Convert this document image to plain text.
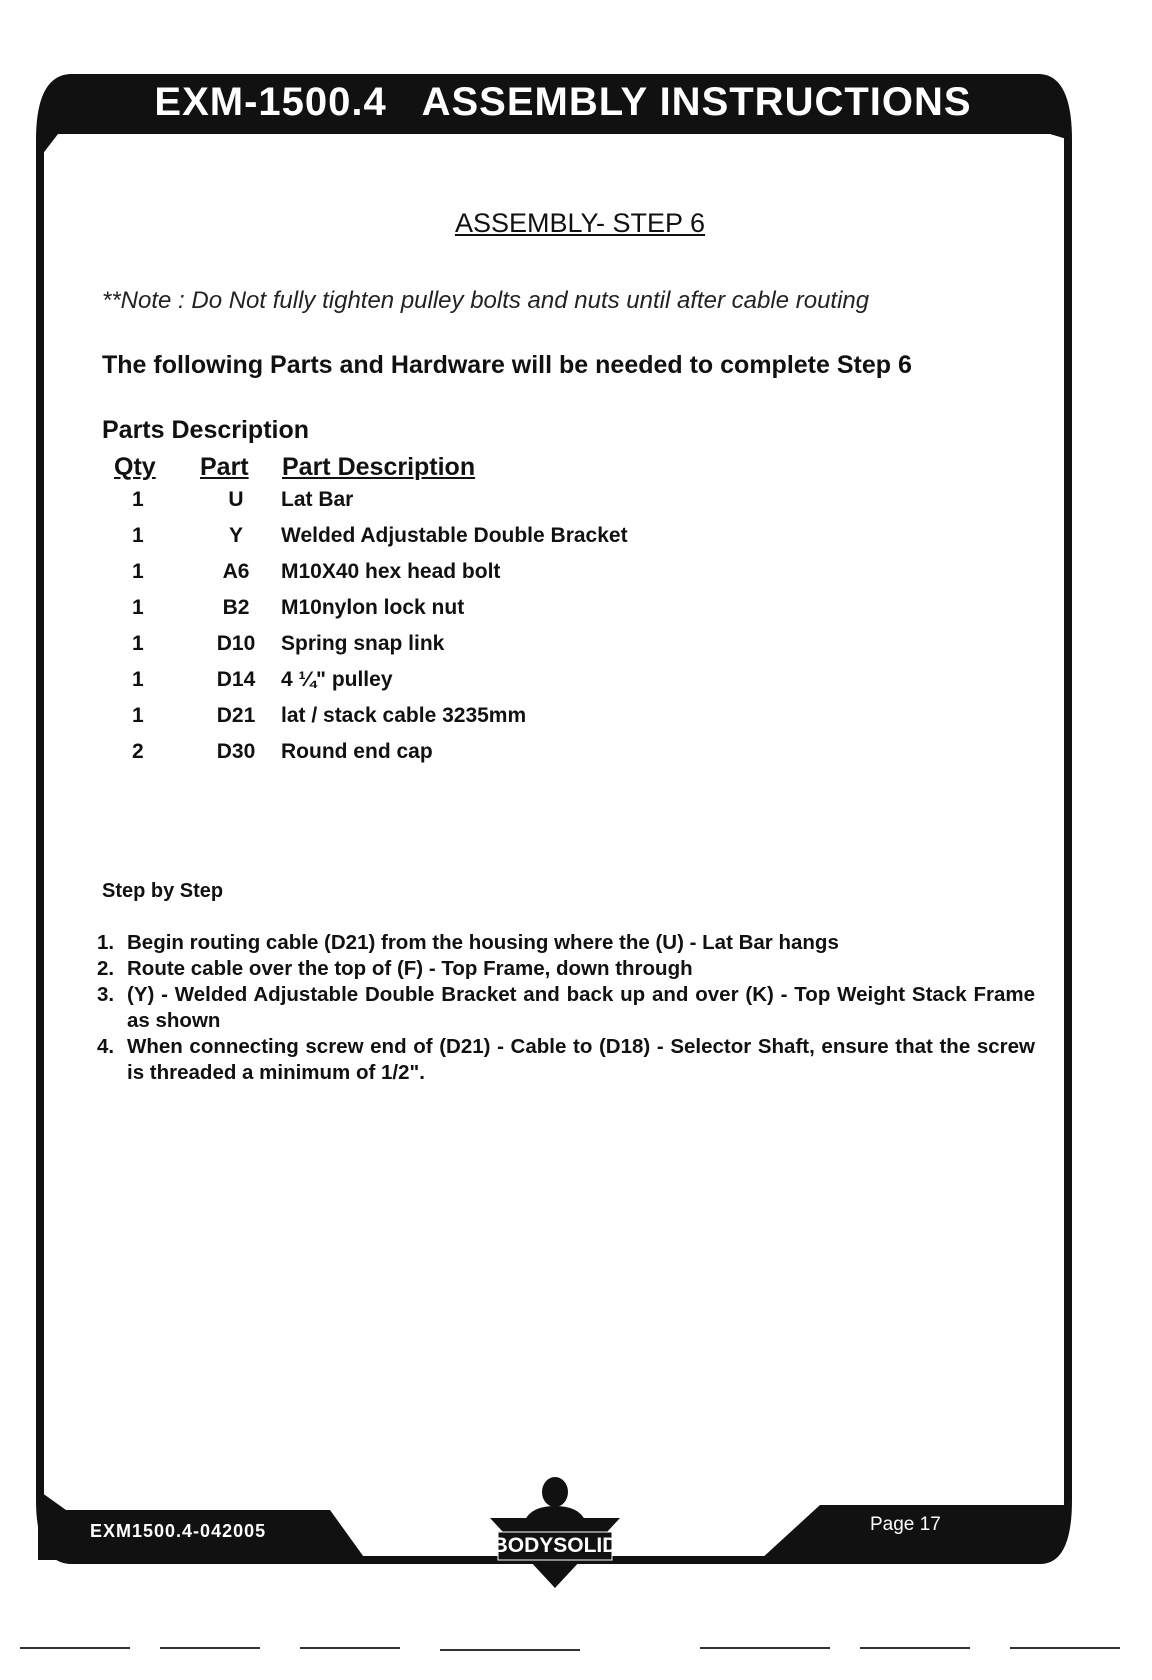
EXM-1500.4   ASSEMBLY INSTRUCTIONS
ASSEMBLY- STEP 6
**Note : Do Not fully tighten pulley bolts and nuts until after cable routing
The following Parts and Hardware will be needed to complete Step 6
Parts Description
Qty Part Part Description
1	U	Lat Bar
1	Y	Welded Adjustable Double Bracket
1	A6	M10X40 hex head bolt
1	B2	M10nylon lock nut
1	D10	Spring snap link
1	D14	4 ¼" pulley
1	D21	lat / stack cable 3235mm
2	D30	Round end cap
Step by Step
1. Begin routing cable (D21) from the housing where the (U) - Lat Bar hangs
2. Route cable over the top of (F) - Top Frame, down through
3. (Y) - Welded Adjustable Double Bracket and back up and over (K) - Top Weight Stack Frame as shown
4. When connecting screw end of (D21) - Cable to (D18) - Selector Shaft, ensure that the screw is threaded a minimum of 1/2".
EXM1500.4-042005	Page 17
BODYSOLID
